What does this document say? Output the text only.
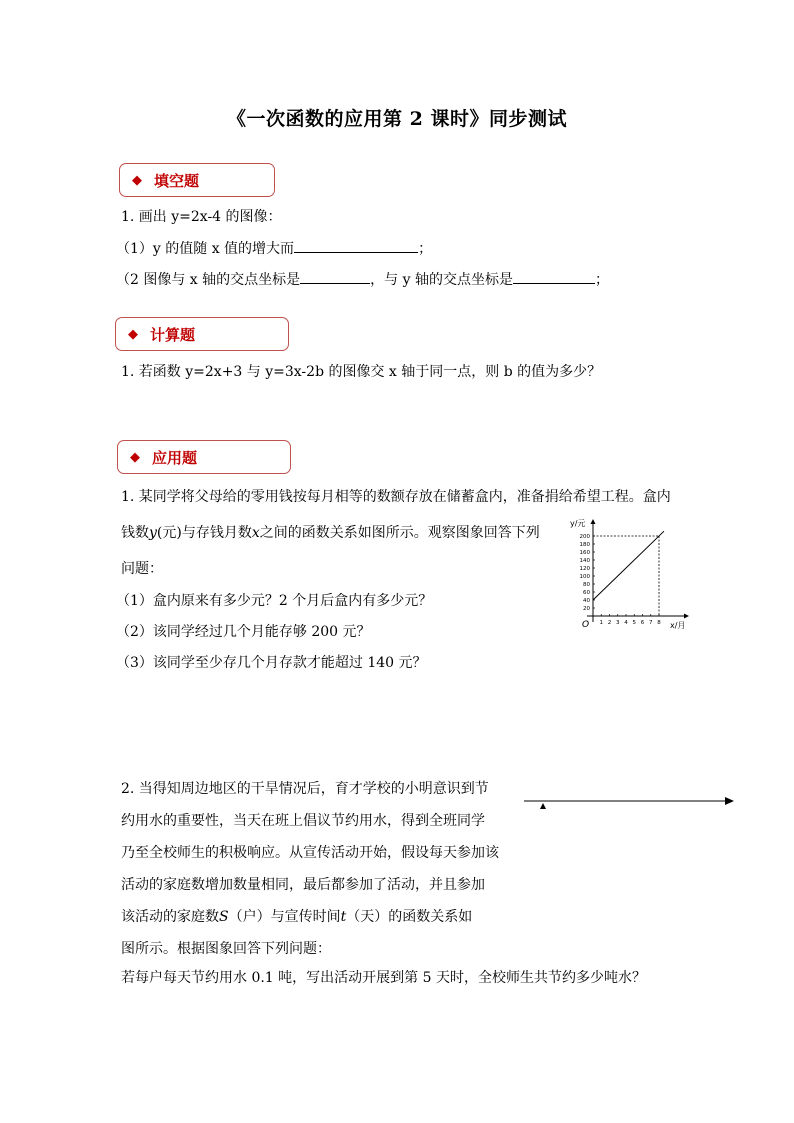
《一次函数的应用第 2 课时》同步测试
◆ 填空题
1. 画出 y=2x-4 的图像：
（1）y 的值随 x 值的增大而	；
（2 图像与 x 轴的交点坐标是	，与 y 轴的交点坐标是	；
◆ 计算题
1. 若函数 y=2x+3 与 y=3x-2b 的图像交 x 轴于同一点，则 b 的值为多少？
◆ 应用题
1. 某同学将父母给的零用钱按每月相等的数额存放在储蓄盒内，准备捐给希望工程。盒内
钱数y(元)与存钱月数x之间的函数关系如图所示。观察图象回答下列
问题：
（1）盒内原来有多少元？2 个月后盒内有多少元？
（2）该同学经过几个月能存够 200 元？
（3）该同学至少存几个月存款才能超过 140 元？
y/元
x/月
O 1 2 3 4 5 6 7 8
20
40
60
80
100
120
140
160
180
200
2. 当得知周边地区的干旱情况后，育才学校的小明意识到节
约用水的重要性，当天在班上倡议节约用水，得到全班同学
乃至全校师生的积极响应。从宣传活动开始，假设每天参加该
活动的家庭数增加数量相同，最后都参加了活动，并且参加
该活动的家庭数S（户）与宣传时间t（天）的函数关系如
图所示。根据图象回答下列问题：
若每户每天节约用水 0.1 吨，写出活动开展到第 5 天时，全校师生共节约多少吨水？
